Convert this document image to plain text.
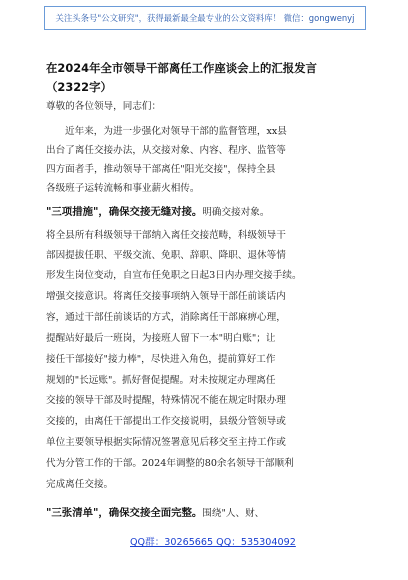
关注头条号"公文研究"，获得最新最全最专业的公文资料库！ 微信：gongwenyj
在2024年全市领导干部离任工作座谈会上的汇报发言
（2322字）
尊敬的各位领导，同志们：
近年来，为进一步强化对领导干部的监督管理，xx县
出台了离任交接办法，从交接对象、内容、程序、监管等
四方面者手，推动领导干部离任"阳光交接"，保持全县
各级班子运转流畅和事业薪火相传。
"三项措施"，确保交接无缝对接。明确交接对象。
将全县所有科级领导干部纳入离任交接范畴，科级领导干
部因提拔任职、平级交流、免职、辞职、降职、退休等情
形发生岗位变动，自宣布任免职之日起3日内办理交接手续。
增强交接意识。将离任交接事项纳入领导干部任前谈话内
容，通过干部任前谈话的方式，消除离任干部麻痹心理，
提醒站好最后一班岗，为接班人留下一本"明白账"；让
接任干部接好"接力棒"，尽快进入角色，提前算好工作
规划的"长远账"。抓好督促提醒。对未按规定办理离任
交接的领导干部及时提醒，特殊情况不能在规定时限办理
交接的，由离任干部提出工作交接说明，县级分管领导或
单位主要领导根据实际情况签署意见后移交至主持工作或
代为分管工作的干部。2024年调整的80余名领导干部顺利
完成离任交接。
"三张清单"，确保交接全面完整。围绕"人、财、
QQ群：30265665 QQ：535304092
